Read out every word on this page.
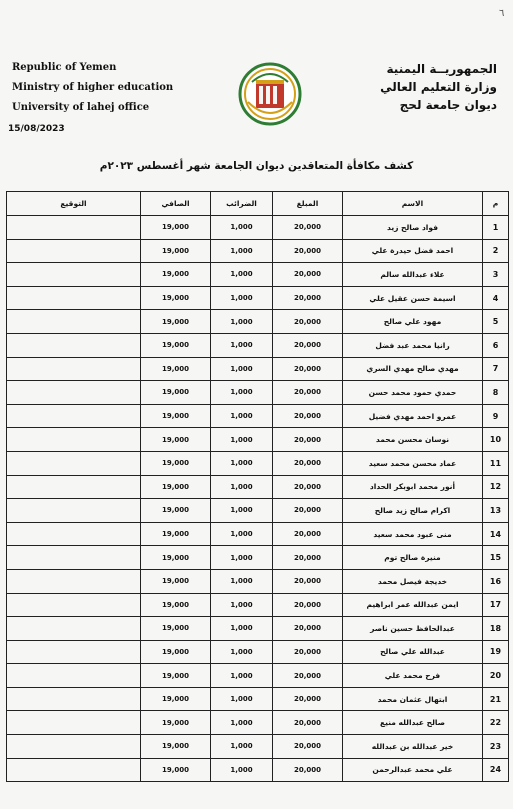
٦
Republic of Yemen
Ministry of higher education
University of lahej office
15/08/2023
الجمهوريــة اليمنية
وزارة التعليم العالي
ديوان جامعة لحج
كشف مكافأة المتعاقدين ديوان الجامعة شهر أغسطس ٢٠٢٣م
م	الاسم	المبلغ	الضرائب	الصافي	التوقيع
1	فواد صالح زيد	20,000	1,000	19,000	
2	احمد فضل حيدرة علي	20,000	1,000	19,000	
3	علاء عبدالله سالم	20,000	1,000	19,000	
4	اسيمة حسن عقيل علي	20,000	1,000	19,000	
5	مهود علي صالح	20,000	1,000	19,000	
6	رانيا محمد عبد فضل	20,000	1,000	19,000	
7	مهدي صالح مهدي السري	20,000	1,000	19,000	
8	حمدي حمود محمد حسن	20,000	1,000	19,000	
9	عمرو احمد مهدي فضيل	20,000	1,000	19,000	
10	نوسان محسن محمد	20,000	1,000	19,000	
11	عماد محسن محمد سعيد	20,000	1,000	19,000	
12	أنور محمد ابوبكر الحداد	20,000	1,000	19,000	
13	اكرام صالح زيد صالح	20,000	1,000	19,000	
14	منى عبود محمد سعيد	20,000	1,000	19,000	
15	منيرة صالح توم	20,000	1,000	19,000	
16	خديجة فيصل محمد	20,000	1,000	19,000	
17	ايمن عبدالله عمر ابراهيم	20,000	1,000	19,000	
18	عبدالحافظ حسين ناصر	20,000	1,000	19,000	
19	عبدالله علي صالح	20,000	1,000	19,000	
20	فرح محمد علي	20,000	1,000	19,000	
21	ابتهال عثمان محمد	20,000	1,000	19,000	
22	صالح عبدالله منيع	20,000	1,000	19,000	
23	خير عبدالله بن عبدالله	20,000	1,000	19,000	
24	علي محمد عبدالرحمن	20,000	1,000	19,000	
